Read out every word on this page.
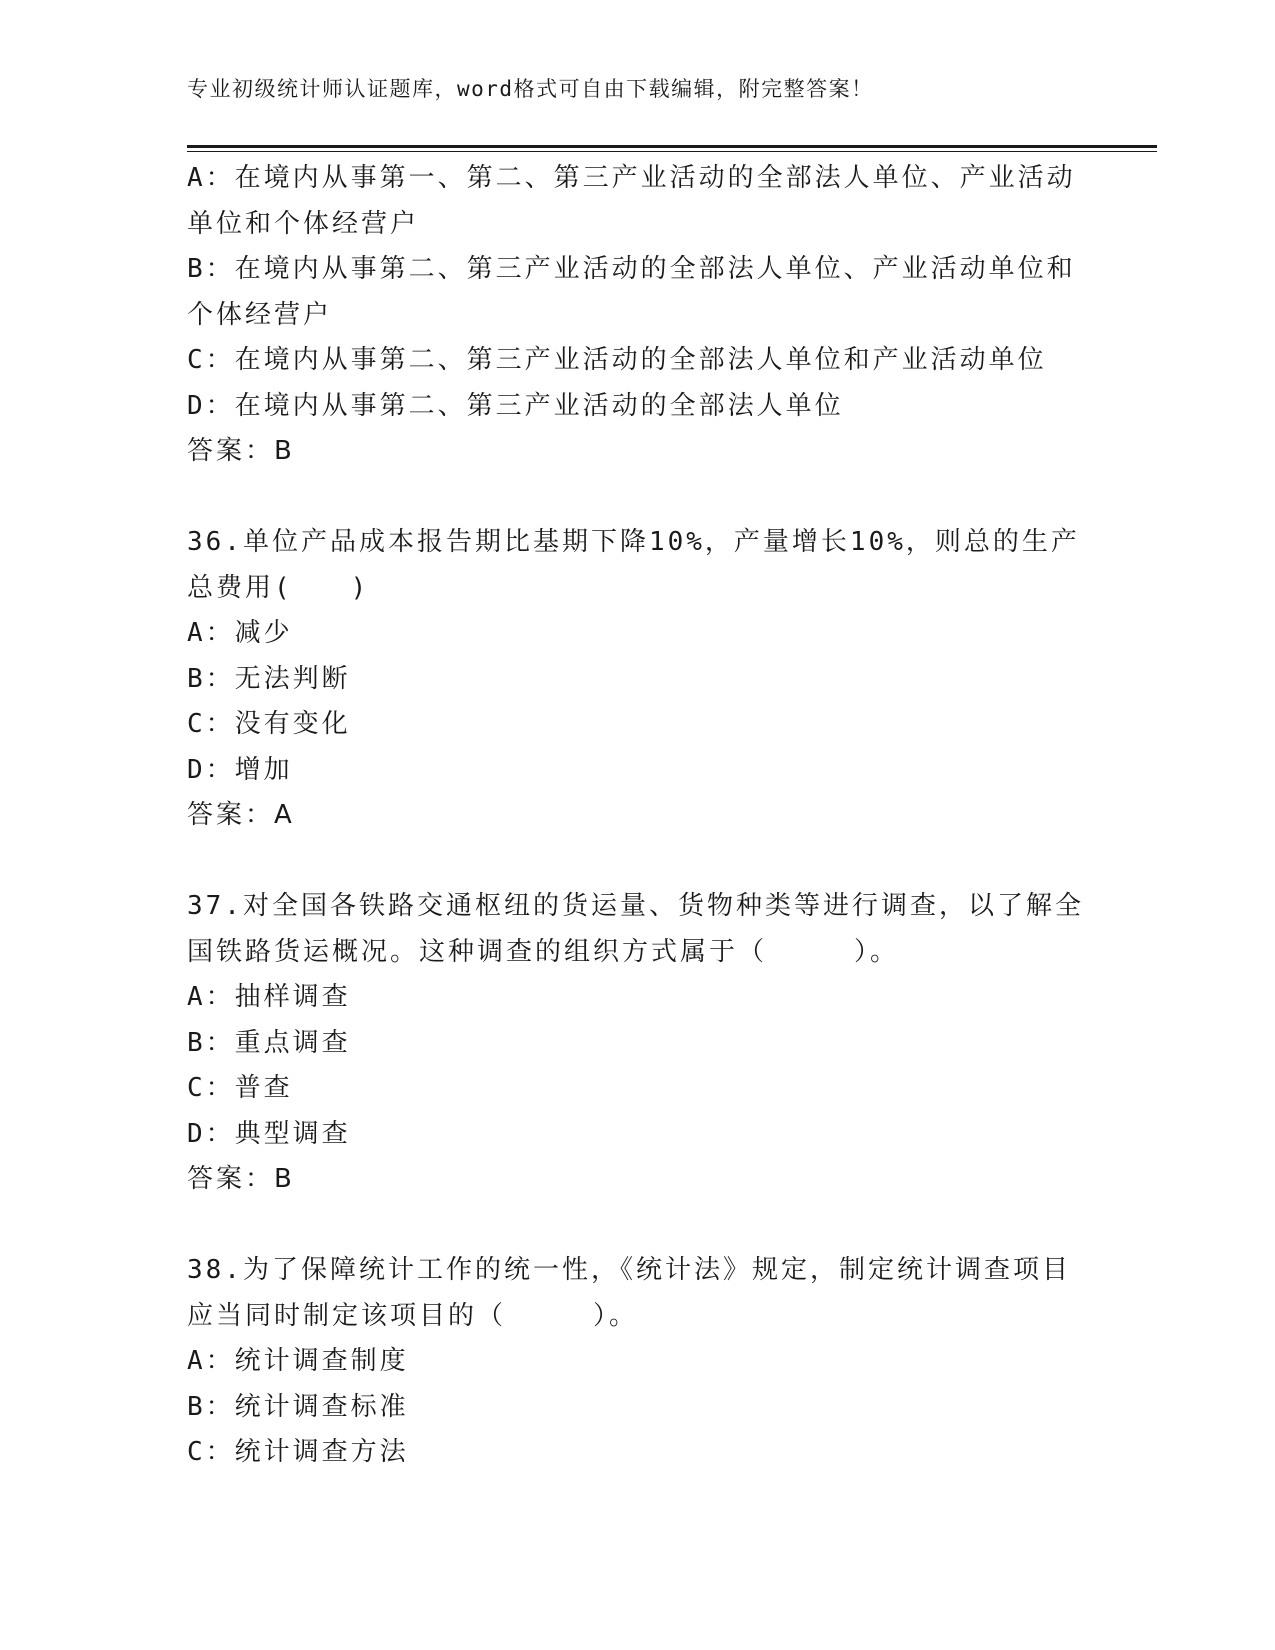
专业初级统计师认证题库，word格式可自由下载编辑，附完整答案！
A：在境内从事第一、第二、第三产业活动的全部法人单位、产业活动
单位和个体经营户
B：在境内从事第二、第三产业活动的全部法人单位、产业活动单位和
个体经营户
C：在境内从事第二、第三产业活动的全部法人单位和产业活动单位
D：在境内从事第二、第三产业活动的全部法人单位
答案：B
36.单位产品成本报告期比基期下降10%，产量增长10%，则总的生产
总费用(　　)
A：减少
B：无法判断
C：没有变化
D：增加
答案：A
37.对全国各铁路交通枢纽的货运量、货物种类等进行调查，以了解全
国铁路货运概况。这种调查的组织方式属于（　　　）。
A：抽样调查
B：重点调查
C：普查
D：典型调查
答案：B
38.为了保障统计工作的统一性，《统计法》规定，制定统计调查项目
应当同时制定该项目的（　　　）。
A：统计调查制度
B：统计调查标准
C：统计调查方法
